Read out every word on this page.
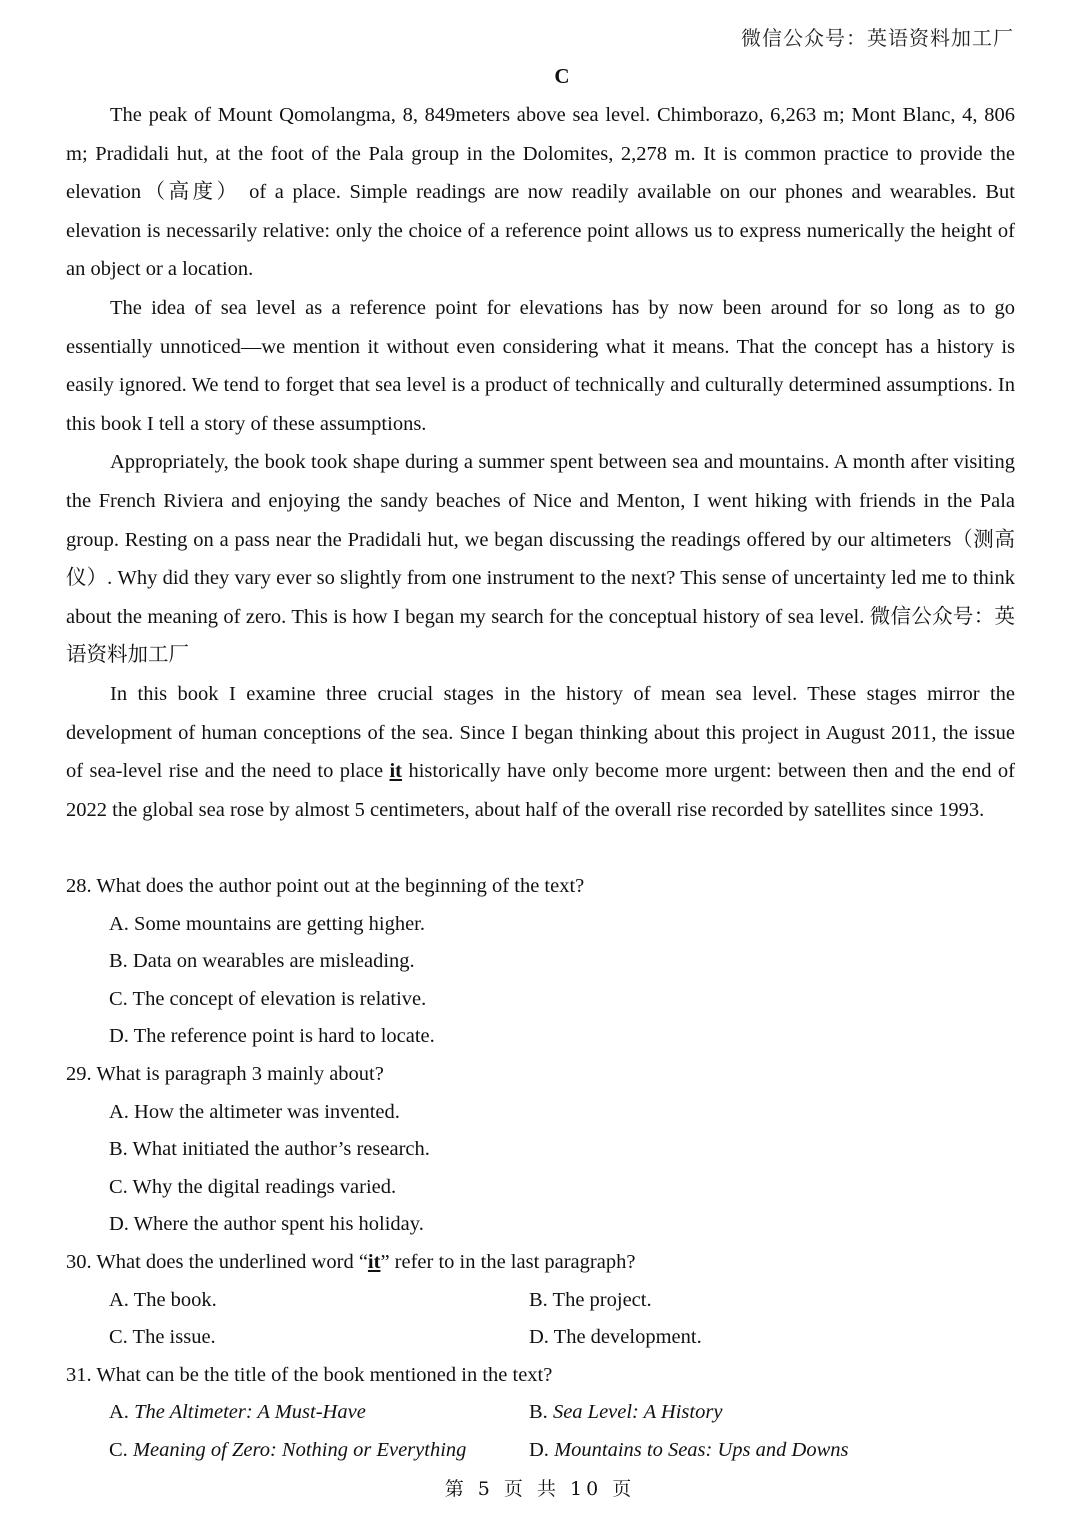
微信公众号：英语资料加工厂
C

The peak of Mount Qomolangma, 8, 849meters above sea level. Chimborazo, 6,263 m; Mont Blanc, 4, 806 m; Pradidali hut, at the foot of the Pala group in the Dolomites, 2,278 m. It is common practice to provide the elevation（高度） of a place. Simple readings are now readily available on our phones and wearables. But elevation is necessarily relative: only the choice of a reference point allows us to express numerically the height of an object or a location.

The idea of sea level as a reference point for elevations has by now been around for so long as to go essentially unnoticed—we mention it without even considering what it means. That the concept has a history is easily ignored. We tend to forget that sea level is a product of technically and culturally determined assumptions. In this book I tell a story of these assumptions.

Appropriately, the book took shape during a summer spent between sea and mountains. A month after visiting the French Riviera and enjoying the sandy beaches of Nice and Menton, I went hiking with friends in the Pala group. Resting on a pass near the Pradidali hut, we began discussing the readings offered by our altimeters（测高仪）. Why did they vary ever so slightly from one instrument to the next? This sense of uncertainty led me to think about the meaning of zero. This is how I began my search for the conceptual history of sea level. 微信公众号：英语资料加工厂

In this book I examine three crucial stages in the history of mean sea level. These stages mirror the development of human conceptions of the sea. Since I began thinking about this project in August 2011, the issue of sea-level rise and the need to place it historically have only become more urgent: between then and the end of 2022 the global sea rose by almost 5 centimeters, about half of the overall rise recorded by satellites since 1993.

28. What does the author point out at the beginning of the text?
A. Some mountains are getting higher.
B. Data on wearables are misleading.
C. The concept of elevation is relative.
D. The reference point is hard to locate.
29. What is paragraph 3 mainly about?
A. How the altimeter was invented.
B. What initiated the author’s research.
C. Why the digital readings varied.
D. Where the author spent his holiday.
30. What does the underlined word “it” refer to in the last paragraph?
A. The book.	B. The project.
C. The issue.	D. The development.
31. What can be the title of the book mentioned in the text?
A. The Altimeter: A Must-Have	B. Sea Level: A History
C. Meaning of Zero: Nothing or Everything	D. Mountains to Seas: Ups and Downs
第 5 页 共 10 页
